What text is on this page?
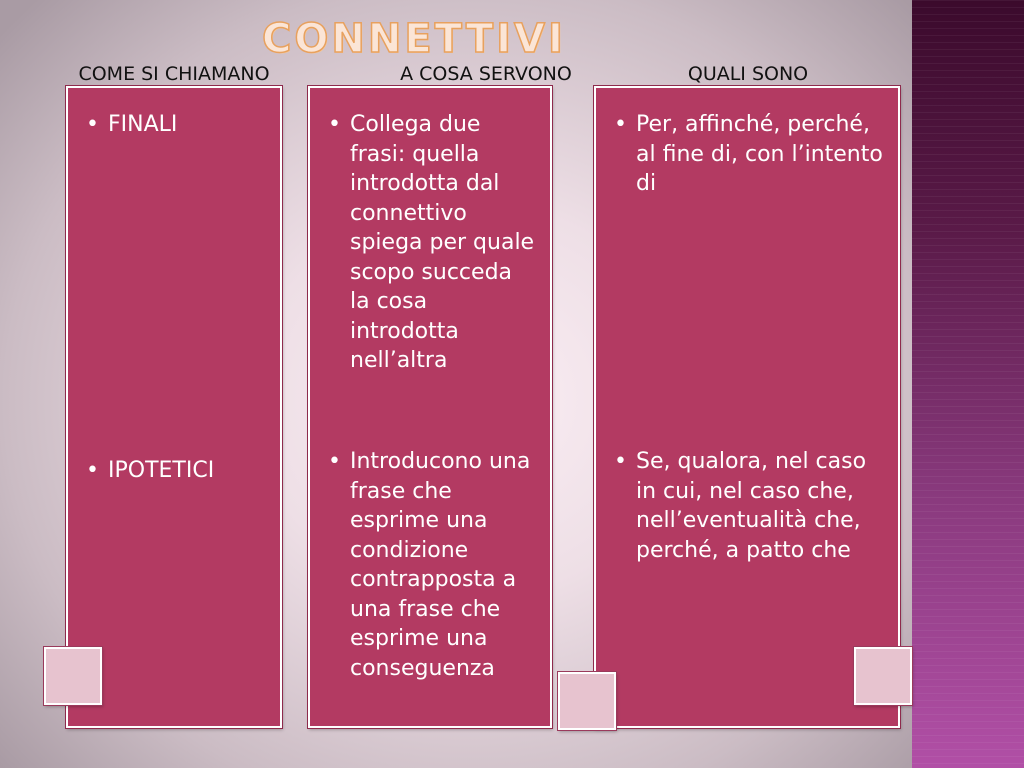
CONNETTIVI
COME SI CHIAMANO	A COSA SERVONO	QUALI SONO
• FINALI
• IPOTETICI
• Collega due frasi: quella introdotta dal connettivo spiega per quale scopo succeda la cosa introdotta nell’altra
• Introducono una frase che esprime una condizione contrapposta a una frase che esprime una conseguenza
• Per, affinché, perché, al fine di, con l’intento di
• Se, qualora, nel caso in cui, nel caso che, nell’eventualità che, perché, a patto che
